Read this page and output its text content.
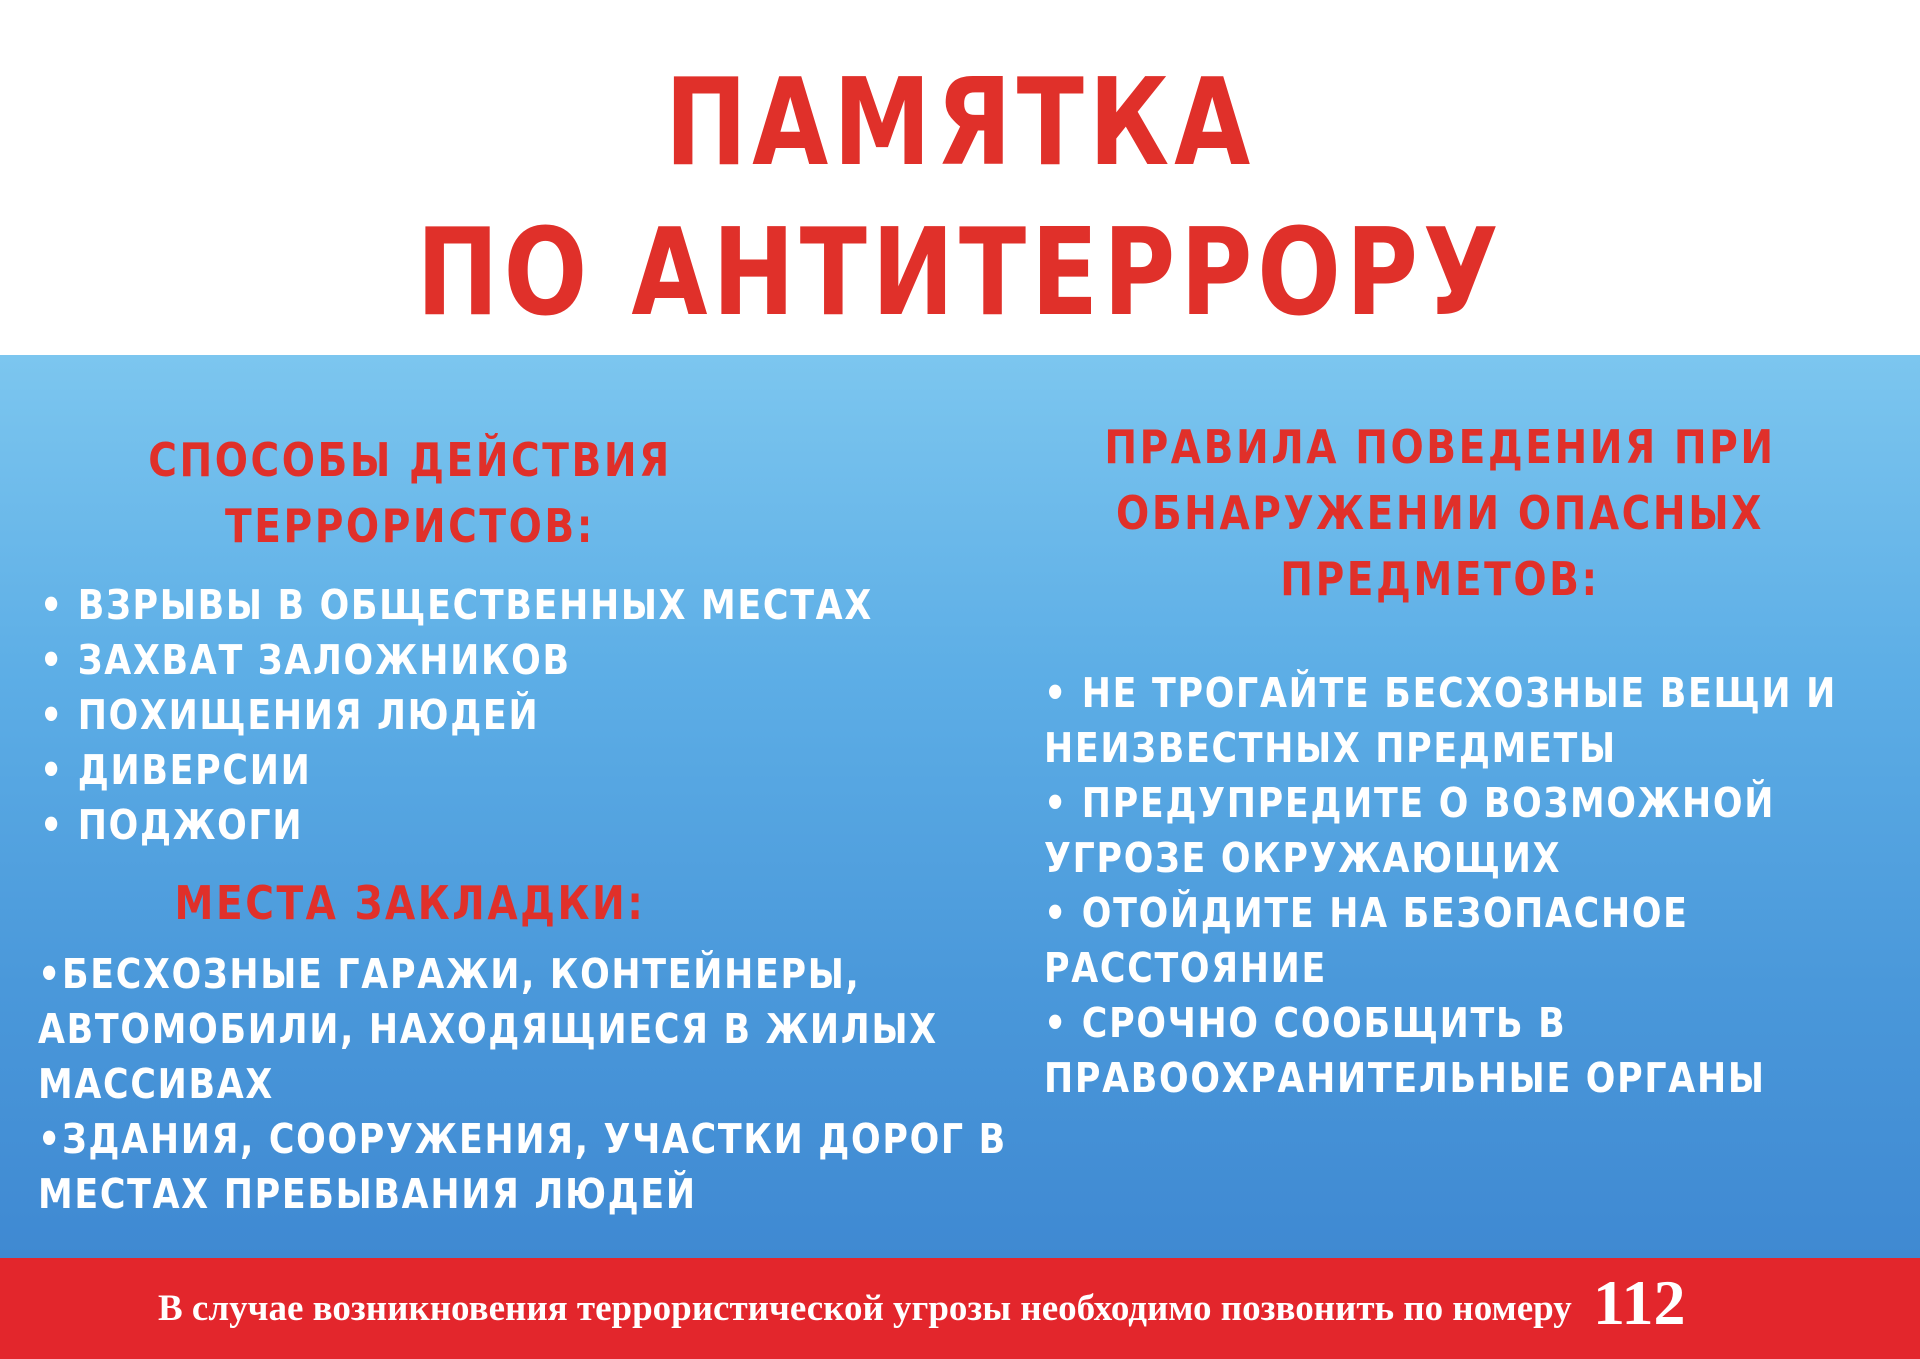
ПАМЯТКА
ПО АНТИТЕРРОРУ
СПОСОБЫ ДЕЙСТВИЯ
ТЕРРОРИСТОВ:
• ВЗРЫВЫ В ОБЩЕСТВЕННЫХ МЕСТАХ
• ЗАХВАТ ЗАЛОЖНИКОВ
• ПОХИЩЕНИЯ ЛЮДЕЙ
• ДИВЕРСИИ
• ПОДЖОГИ
МЕСТА ЗАКЛАДКИ:
•БЕСХОЗНЫЕ ГАРАЖИ, КОНТЕЙНЕРЫ,
АВТОМОБИЛИ, НАХОДЯЩИЕСЯ В ЖИЛЫХ
МАССИВАХ
•ЗДАНИЯ, СООРУЖЕНИЯ, УЧАСТКИ ДОРОГ В
МЕСТАХ ПРЕБЫВАНИЯ ЛЮДЕЙ
ПРАВИЛА ПОВЕДЕНИЯ ПРИ
ОБНАРУЖЕНИИ ОПАСНЫХ
ПРЕДМЕТОВ:
• НЕ ТРОГАЙТЕ БЕСХОЗНЫЕ ВЕЩИ И
НЕИЗВЕСТНЫХ ПРЕДМЕТЫ
• ПРЕДУПРЕДИТЕ О ВОЗМОЖНОЙ
УГРОЗЕ ОКРУЖАЮЩИХ
• ОТОЙДИТЕ НА БЕЗОПАСНОЕ
РАССТОЯНИЕ
• СРОЧНО СООБЩИТЬ В
ПРАВООХРАНИТЕЛЬНЫЕ ОРГАНЫ
В случае возникновения террористической угрозы необходимо позвонить по номеру 112
